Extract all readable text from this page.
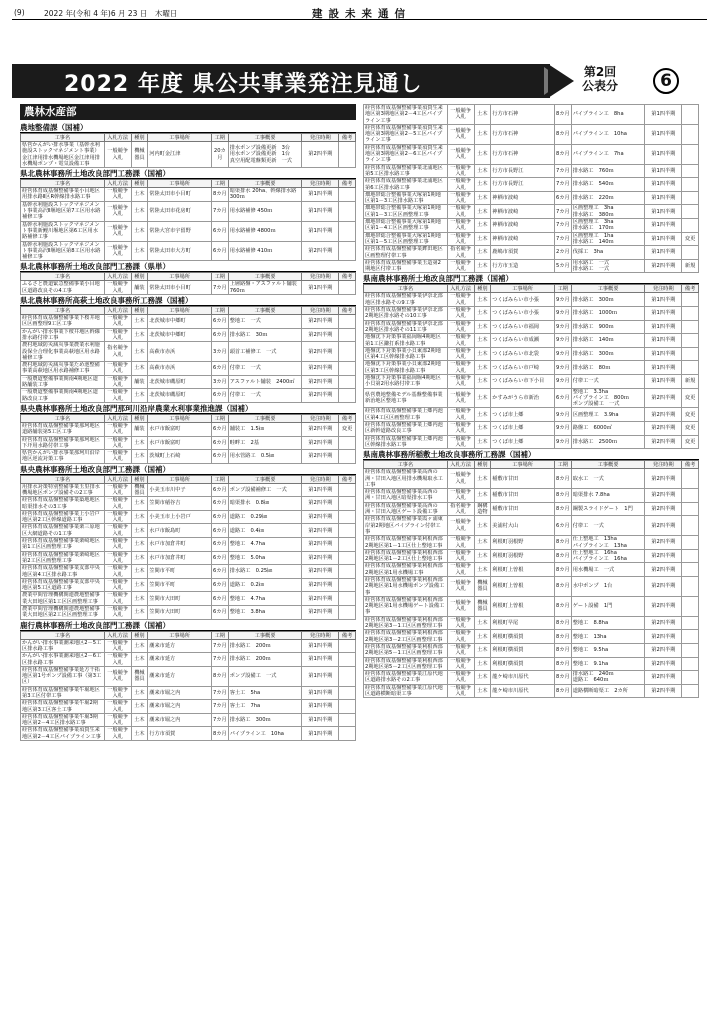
(9)	2022 年(令和 4 年)6 月 23 日　木曜日	建設未来通信
2022 年度 県公共事業発注見通し	第2回
公表分	6
農林水産部
農地整備課（国補）
工事名	入札方法	種別	工事場所	工期	工事概要	発注時期	備考
県営かんがい排水事業（基幹水利施設ストックマネジメント事業）金江津用排水機場地区金江津用排水機場ポンプ・電気設備工事	一般競争入札	機械器具	河内町金江津	20カ月	排水ポンプ設備更新　3台
用水ポンプ設備更新　1台
真空用配電盤類更新　一式	第2四半期	
県北農林事務所土地改良部門工務課（国補）
工事名	入札方法	種別	工事場所	工期	工事概要	発注時期	備考
経営体育成基盤整備事業小目地区用排水路Ⅱ区R幹線排水路工事	一般競争入札	土木	常陸太田市小目町	8カ月	暗渠排水 20ha、幹線排水路 300ｍ	第1四半期	
基幹水利施設ストックマネジメント事業高沢Ⅱ堰地区第7工区用水路補修工事	一般競争入札	土木	常陸太田市花房町	7カ月	用水路補修 450ｍ	第1四半期	
基幹水利施設ストックマネジメント事業新鯉川堰地区第6工区用水路補修工事	一般競争入札	土木	常陸大宮市宇留野	6カ月	用水路補修 4800ｍ	第1四半期	
基幹水利施設ストックマネジメント事業高沢Ⅱ堰地区第8工区用水路補修工事	一般競争入札	土木	常陸太田市大方町	6カ月	用水路補修 410ｍ	第2四半期	
県北農林事務所土地改良部門工務課（県単）
工事名	入札方法	種別	工事場所	工期	工事概要	発注時期	備考
ふるさと農道緊急整備事業小目地区道路改良その4工事	一般競争入札	舗装	常陸太田市小目町	7カ月	上層路盤・アスファルト舗装 760ｍ	第1四半期	
県北農林事務所高萩土地改良事務所工務課（国補）
工事名	入札方法	種別	工事場所	工期	工事概要	発注時期	備考
経営体育成基盤整備事業下桜井地区区画整理9工区工事	一般競争入札	土木	北茨城市中郷町	6カ月	整地工　一式	第2四半期	
かんがい排水事業下桜井地区幹線排水路付帯工事	一般競争入札	土木	北茨城市中郷町	6カ月	排水路工　30ｍ	第2四半期	
農村地域防災減災事業農業水利施設保全合理化事業高萩地区用水路補修工事	指名競争入札	土木	高萩市赤浜	3カ月	頭首工補修工　一式	第2四半期	
農村地域防災減災事業ため池整備事業高萩地区用水路補修工事	一般競争入札	土木	高萩市赤浜	6カ月	付帯工　一式	第2四半期	
一般農道整備事業関南4期地区道路舗装工事	一般競争入札	舗装	北茨城市磯原町	3カ月	アスファルト舗装　2400㎡	第2四半期	
一般農道整備事業関南4期地区道路改良工事	一般競争入札	土木	北茨城市磯原町	6カ月	付帯工　一式	第2四半期	
県央農林事務所土地改良部門那珂川沿岸農業水利事業推進課（国補）
工事名	入札方法	種別	工事場所	工期	工事概要	発注時期	備考
経営体育成基盤整備事業那珂地区道路舗装第5工区工事	一般競争入札	舗装	水戸市飯富町	6カ月	舗装工　1.5㎞	第2四半期	変更
経営体育成基盤整備事業那珂地区下圷用水路付帯工事	一般競争入札	土木	水戸市飯富町	6カ月	畦畔工　2基	第2四半期	
県営かんがい排水事業那珂川沿岸地区逆流対策工事	一般競争入札	土木	茨城町上石崎	6カ月	用水管路工　0.5㎞	第2四半期	
県央農林事務所土地改良部門工務課（国補）
工事名	入札方法	種別	工事場所	工期	工事概要	発注時期	備考
用排水対策特別整備事業玉里排水機場地区ポンプ設備その2工事	一般競争入札	機械器具	小美玉市川中子	6カ月	ポンプ設備補修工　一式	第1四半期	
経営体育成基盤整備事業築地地区暗渠排水その3工事	一般競争入札	土木	笠間市稲谷吉	6カ月	暗渠排水　0.8㎞	第2四半期	
経営体育成基盤整備事業上小岩戸地区第2工区幹線道路工事	一般競争入札	土木	小美玉市上小岩戸	6カ月	道路工　0.29㎞	第2四半期	
経営体育成基盤整備事業栗三原地区大網道路その1工事	一般競争入札	土木	水戸市飯島町	6カ月	道路工　0.4㎞	第2四半期	
経営体育成基盤整備事業栗崎地区第1工区区画整理工事	一般競争入札	土木	水戸市加倉井町	6カ月	整地工　4.7ha	第2四半期	
経営体育成基盤整備事業栗崎地区第2工区区画整理工事	一般競争入札	土木	水戸市加倉井町	6カ月	整地工　5.0ha	第2四半期	
経営体育成基盤整備事業友部中央地区第4工区排水路工事	一般競争入札	土木	笠間市平町	6カ月	排水路工　0.25㎞	第2四半期	
経営体育成基盤整備事業友部中央地区第5工区道路工事	一般競争入札	土木	笠間市平町	6カ月	道路工　0.2㎞	第2四半期	
農業中間管理機構関連農地整備事業大田地区第1工区区画整理工事	一般競争入札	土木	笠間市大田町	6カ月	整地工　4.7ha	第2四半期	
農業中間管理機構関連農地整備事業大田地区第2工区区画整理工事	一般競争入札	土木	笠間市大田町	6カ月	整地工　3.8ha	第2四半期	
鹿行農林事務所土地改良部門工務課（国補）
工事名	入札方法	種別	工事場所	工期	工事概要	発注時期	備考
かんがい排水事業潮来地区2－5工区排水路工事	一般競争入札	土木	潮来市延方	7カ月	排水路工　200ｍ	第1四半期	
かんがい排水事業潮来地区2－6工区排水路工事	一般競争入札	土木	潮来市延方	7カ月	排水路工　200ｍ	第1四半期	
経営体育成基盤整備事業延方干拓地区第1号ポンプ設備工事（第3工区）	一般競争入札	機械器具	潮来市延方	8カ月	ポンプ設備工　一式	第1四半期	
経営体育成基盤整備事業牛堀地区第3工区付帯工事	一般競争入札	土木	潮来市堀之内	7カ月	客土工　5ha	第1四半期	
経営体育成基盤整備事業牛堀2期地区第3工区客土工事	一般競争入札	土木	潮来市堀之内	7カ月	客土工　7ha	第1四半期	
経営体育成基盤整備事業牛堀3期地区第2－4工区排水路工事	一般競争入札	土木	潮来市堀之内	7カ月	排水路工　300ｍ	第1四半期	
経営体育成基盤整備事業須賀生来地区第2－4工区パイプライン工事	一般競争入札	土木	行方市須賀	8カ月	パイプライン工　10ha	第1四半期	
経営体育成基盤整備事業須賀生来地区第3期地区第2－4工区パイプライン工事	一般競争入札	土木	行方市石神	8カ月	パイプライン工　8ha	第1四半期	
経営体育成基盤整備事業須賀生来地区第3期地区第2－5工区パイプライン工事	一般競争入札	土木	行方市石神	8カ月	パイプライン工　10ha	第1四半期	
経営体育成基盤整備事業須賀生来地区第3期地区第2－6工区パイプライン工事	一般競争入札	土木	行方市石神	8カ月	パイプライン工　7ha	第1四半期	
経営体育成基盤整備事業北浦地区第5工区排水路工事	一般競争入札	土木	行方市長野江	7カ月	排水路工　760ｍ	第1四半期	
経営体育成基盤整備事業北浦地区第6工区排水路工事	一般競争入札	土木	行方市長野江	7カ月	排水路工　540ｍ	第1四半期	
畑地帯総合整備事業大塚第1期地区第1－3工区排水路工事	一般競争入札	土木	神栖市波崎	6カ月	排水路工　220ｍ	第1四半期	
畑地帯総合整備事業大塚第1期地区第1－3工区区画整理工事	一般競争入札	土木	神栖市波崎	7カ月	区画整理工　3ha
排水路工　380ｍ	第1四半期	
畑地帯総合整備事業大塚第1期地区第1－4工区区画整理工事	一般競争入札	土木	神栖市波崎	7カ月	区画整理工　3ha
排水路工　170ｍ	第1四半期	
畑地帯総合整備事業大塚第1期地区第1－5工区区画整理工事	一般競争入札	土木	神栖市波崎	7カ月	区画整理工　1ha
排水路工　140ｍ	第1四半期	変更
経営体育成基盤整備事業鉾田地区区画整理付帯工事	指名競争入札	土木	鹿嶋市須賀	2カ月	伐採工　3ha	第1四半期	
経営体育成基盤整備事業玉造第2期地区付帯工事	一般競争入札	土木	行方市玉造	5カ月	用水路工　一式
排水路工　一式	第2四半期	新規
県南農林事務所土地改良部門工務課（国補）
工事名	入札方法	種別	工事場所	工期	工事概要	発注時期	備考
経営体育成基盤整備事業伊奈北部地区排水路その9工事	一般競争入札	土木	つくばみらい市小張	9カ月	排水路工　300ｍ	第1四半期	
経営体育成基盤整備事業伊奈北部2期地区排水路その10工事	一般競争入札	土木	つくばみらい市小張	9カ月	排水路工　1000ｍ	第1四半期	
経営体育成基盤整備事業伊奈北部2期地区排水路その11工事	一般競争入札	土木	つくばみらい市福岡	9カ月	排水路工　900ｍ	第1四半期	
地盤沈下対策事業福岡堰4期地区第1工区鎌打系排水路工事	一般競争入札	土木	つくばみらい市成瀬	9カ月	排水路工　140ｍ	第1四半期	
地盤沈下対策事業小貝東部2期地区第4工区幹線排水路工事	一般競争入札	土木	つくばみらい市北袋	9カ月	排水路工　300ｍ	第1四半期	
地盤沈下対策事業小貝東部2期地区第3工区幹線排水路工事	一般競争入札	土木	つくばみらい市戸崎	9カ月	排水路工　80ｍ	第1四半期	
地盤沈下対策事業福岡堰4期地区小貝第2用水路付帯工事	一般競争入札	土木	つくばみらい市下小目	9カ月	付帯工一式	第1四半期	新規
県営農地整備モデル基盤整備事業新治地区整地工事	一般競争入札	土木	かすみがうら市新治	6カ月	整地工　3.3ha
パイプライン工　800ｍ
ポンプ設備工　一式	第2四半期	変更
経営体育成基盤整備事業上郷内池区第4工区区画整理工事	一般競争入札	土木	つくば市上郷	9カ月	区画整理工　3.9ha	第2四半期	変更
経営体育成基盤整備事業上郷内池区新幹道路改良工事	一般競争入札	土木	つくば市上郷	9カ月	路盤工　6000㎡	第2四半期	変更
経営体育成基盤整備事業上郷内池区幹線排水路工事	一般競争入札	土木	つくば市上郷	9カ月	排水路工　2500ｍ	第2四半期	変更
県南農林事務所稲敷土地改良事務所工務課（国補）
工事名	入札方法	種別	工事場所	工期	工事概要	発注時期	備考
経営体育成基盤整備事業高西の洲・甘田入地区用排水機場取水工工事	一般競争入札	土木	稲敷市甘田	8カ月	取水工　一式	第2四半期	
経営体育成基盤整備事業高西の洲・甘田入地区暗渠排水工事	一般競争入札	土木	稲敷市甘田	8カ月	暗渠排水 7.8ha	第2四半期	
経営体育成基盤整備事業高西の洲・甘田入地区ゲート設備工事	指名競争入札	鋼構造物	稲敷市甘田	8カ月	鋼製スライドゲート　1門	第2四半期	
経営体育成基盤整備事業霞ヶ浦東岸第2期地区パイプライン付帯工事	一般競争入札	土木	美浦村大山	6カ月	付帯工　一式	第2四半期	
経営体育成基盤整備事業利根西部2期地区第1－1工区仕上整地工事	一般競争入札	土木	利根町羽根野	8カ月	仕上整地工　13ha
パイプライン工　13ha	第2四半期	
経営体育成基盤整備事業利根西部2期地区第1－2工区仕上整地工事	一般競争入札	土木	利根町羽根野	8カ月	仕上整地工　16ha
パイプライン工　16ha	第2四半期	
経営体育成基盤整備事業利根西部2期地区第1用水機場工事	一般競争入札	土木	利根町上曽根	8カ月	用水機場工　一式	第2四半期	
経営体育成基盤整備事業利根西部2期地区第1用水機場ポンプ設備工事	一般競争入札	機械器具	利根町上曽根	8カ月	水中ポンプ　1台	第2四半期	
経営体育成基盤整備事業利根西部2期地区第1用水機場ゲート設備工事	一般競争入札	機械器具	利根町上曽根	8カ月	ゲート設備　1門	第2四半期	
経営体育成基盤整備事業利根西部2期地区第3－1工区区画整理工事	一般競争入札	土木	利根町早尾	8カ月	整地工　8.8ha	第2四半期	
経営体育成基盤整備事業利根西部2期地区第3－2工区区画整理工事	一般競争入札	土木	利根町横須賀	8カ月	整地工　13ha	第2四半期	
経営体育成基盤整備事業利根西部2期地区第5－1工区区画整理工事	一般競争入札	土木	利根町横須賀	8カ月	整地工　9.5ha	第2四半期	
経営体育成基盤整備事業利根西部2期地区第5－2工区区画整理工事	一般競争入札	土木	利根町横須賀	8カ月	整地工　9.1ha	第2四半期	
経営体育成基盤整備事業江原代地区道路排水路その2工事	一般競争入札	土木	龍ケ崎市川原代	8カ月	排水路工　240ｍ
道路工　640ｍ	第2四半期	
経営体育成基盤整備事業江原代地区道路横断暗渠工事	一般競争入札	土木	龍ケ崎市川原代	8カ月	道路横断暗渠工　2カ所	第2四半期	
